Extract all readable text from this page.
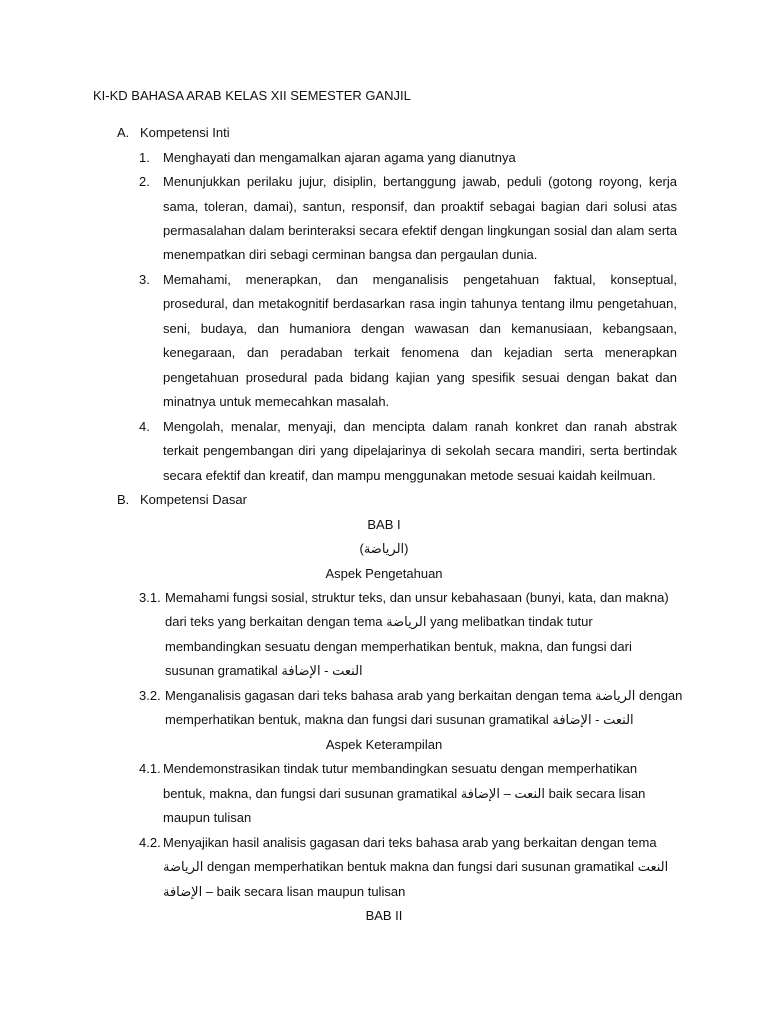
KI-KD BAHASA ARAB KELAS XII SEMESTER GANJIL
A. Kompetensi Inti
1. Menghayati dan mengamalkan ajaran agama yang dianutnya
2. Menunjukkan perilaku jujur, disiplin, bertanggung jawab, peduli (gotong royong, kerja
sama, toleran, damai), santun, responsif, dan proaktif sebagai bagian dari solusi atas
permasalahan dalam berinteraksi secara efektif dengan lingkungan sosial dan alam serta
menempatkan diri sebagi cerminan bangsa dan pergaulan dunia.
3. Memahami, menerapkan, dan menganalisis pengetahuan faktual, konseptual,
prosedural, dan metakognitif berdasarkan rasa ingin tahunya tentang ilmu pengetahuan,
seni, budaya, dan humaniora dengan wawasan dan kemanusiaan, kebangsaan,
kenegaraan, dan peradaban terkait fenomena dan kejadian serta menerapkan
pengetahuan prosedural pada bidang kajian yang spesifik sesuai dengan bakat dan
minatnya untuk memecahkan masalah.
4. Mengolah, menalar, menyaji, dan mencipta dalam ranah konkret dan ranah abstrak
terkait pengembangan diri yang dipelajarinya di sekolah secara mandiri, serta bertindak
secara efektif dan kreatif, dan mampu menggunakan metode sesuai kaidah keilmuan.
B. Kompetensi Dasar
BAB I
(الرياضة)
Aspek Pengetahuan
3.1. Memahami fungsi sosial, struktur teks, dan unsur kebahasaan (bunyi, kata, dan makna)
dari teks yang berkaitan dengan tema الرياضة yang melibatkan tindak tutur
membandingkan sesuatu dengan memperhatikan bentuk, makna, dan fungsi dari
susunan gramatikal النعت - الإضافة
3.2. Menganalisis gagasan dari teks bahasa arab yang berkaitan dengan tema الرياضة dengan
memperhatikan bentuk, makna dan fungsi dari susunan gramatikal النعت - الإضافة
Aspek Keterampilan
4.1. Mendemonstrasikan tindak tutur membandingkan sesuatu dengan memperhatikan
bentuk, makna, dan fungsi dari susunan gramatikal النعت – الإضافة baik secara lisan
maupun tulisan
4.2. Menyajikan hasil analisis gagasan dari teks bahasa arab yang berkaitan dengan tema
الرياضة dengan memperhatikan bentuk makna dan fungsi dari susunan gramatikal النعت
الإضافة – baik secara lisan maupun tulisan
BAB II
